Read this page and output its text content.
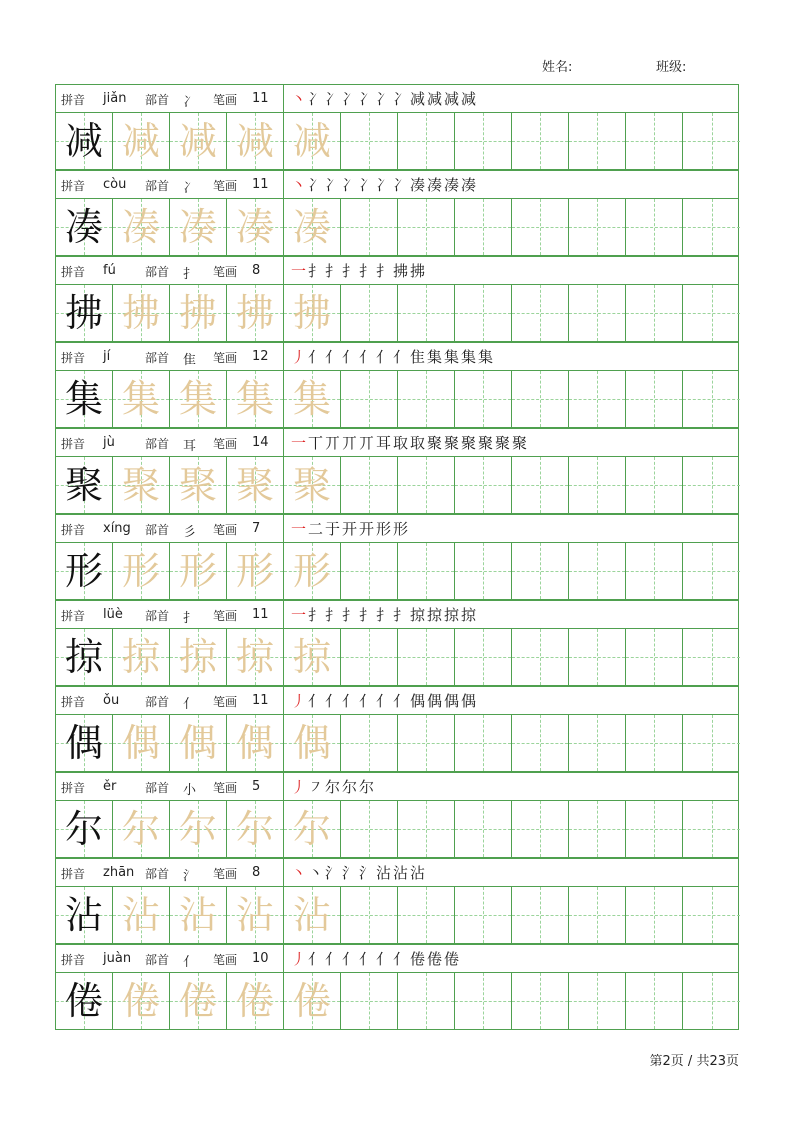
姓名:	班级:
拼音 jiǎn 部首 冫 笔画 11 丶 冫 冫 冫 冫 冫 冫 减 减 减 减
减 减 减 减 减
拼音 còu 部首 冫 笔画 11 丶 冫 冫 冫 冫 冫 冫 凑 凑 凑 凑
凑 凑 凑 凑 凑
拼音 fú 部首 扌 笔画 8 一 扌 扌 扌 扌 扌 拂 拂
拂 拂 拂 拂 拂
拼音 jí	部首 隹 笔画 12 丿 亻 亻 亻 亻 亻 亻 隹 集 集 集 集
集 集 集 集 集
拼音 jù	部首 耳 笔画 14 一 丅 丌 丌 丌 耳 取 取 聚 聚 聚 聚 聚 聚
聚 聚 聚 聚 聚
拼音 xíng 部首 彡 笔画 7 一 二 于 开 开 形 形
形 形 形 形 形
拼音 lüè 部首 扌 笔画 11 一 扌 扌 扌 扌 扌 扌 掠 掠 掠 掠
掠 掠 掠 掠 掠
拼音 ǒu 部首 亻 笔画 11 丿 亻 亻 亻 亻 亻 亻 偶 偶 偶 偶
偶 偶 偶 偶 偶
拼音 ěr 部首 小 笔画 5 丿 ㇇ 尔 尔 尔
尔 尔 尔 尔 尔
拼音 zhān 部首 氵 笔画 8 丶 丶 氵 氵 氵 沾 沾 沾
沾 沾 沾 沾 沾
拼音 juàn 部首 亻 笔画 10 丿 亻 亻 亻 亻 亻 亻 倦 倦 倦
倦 倦 倦 倦 倦
第2页 / 共23页
